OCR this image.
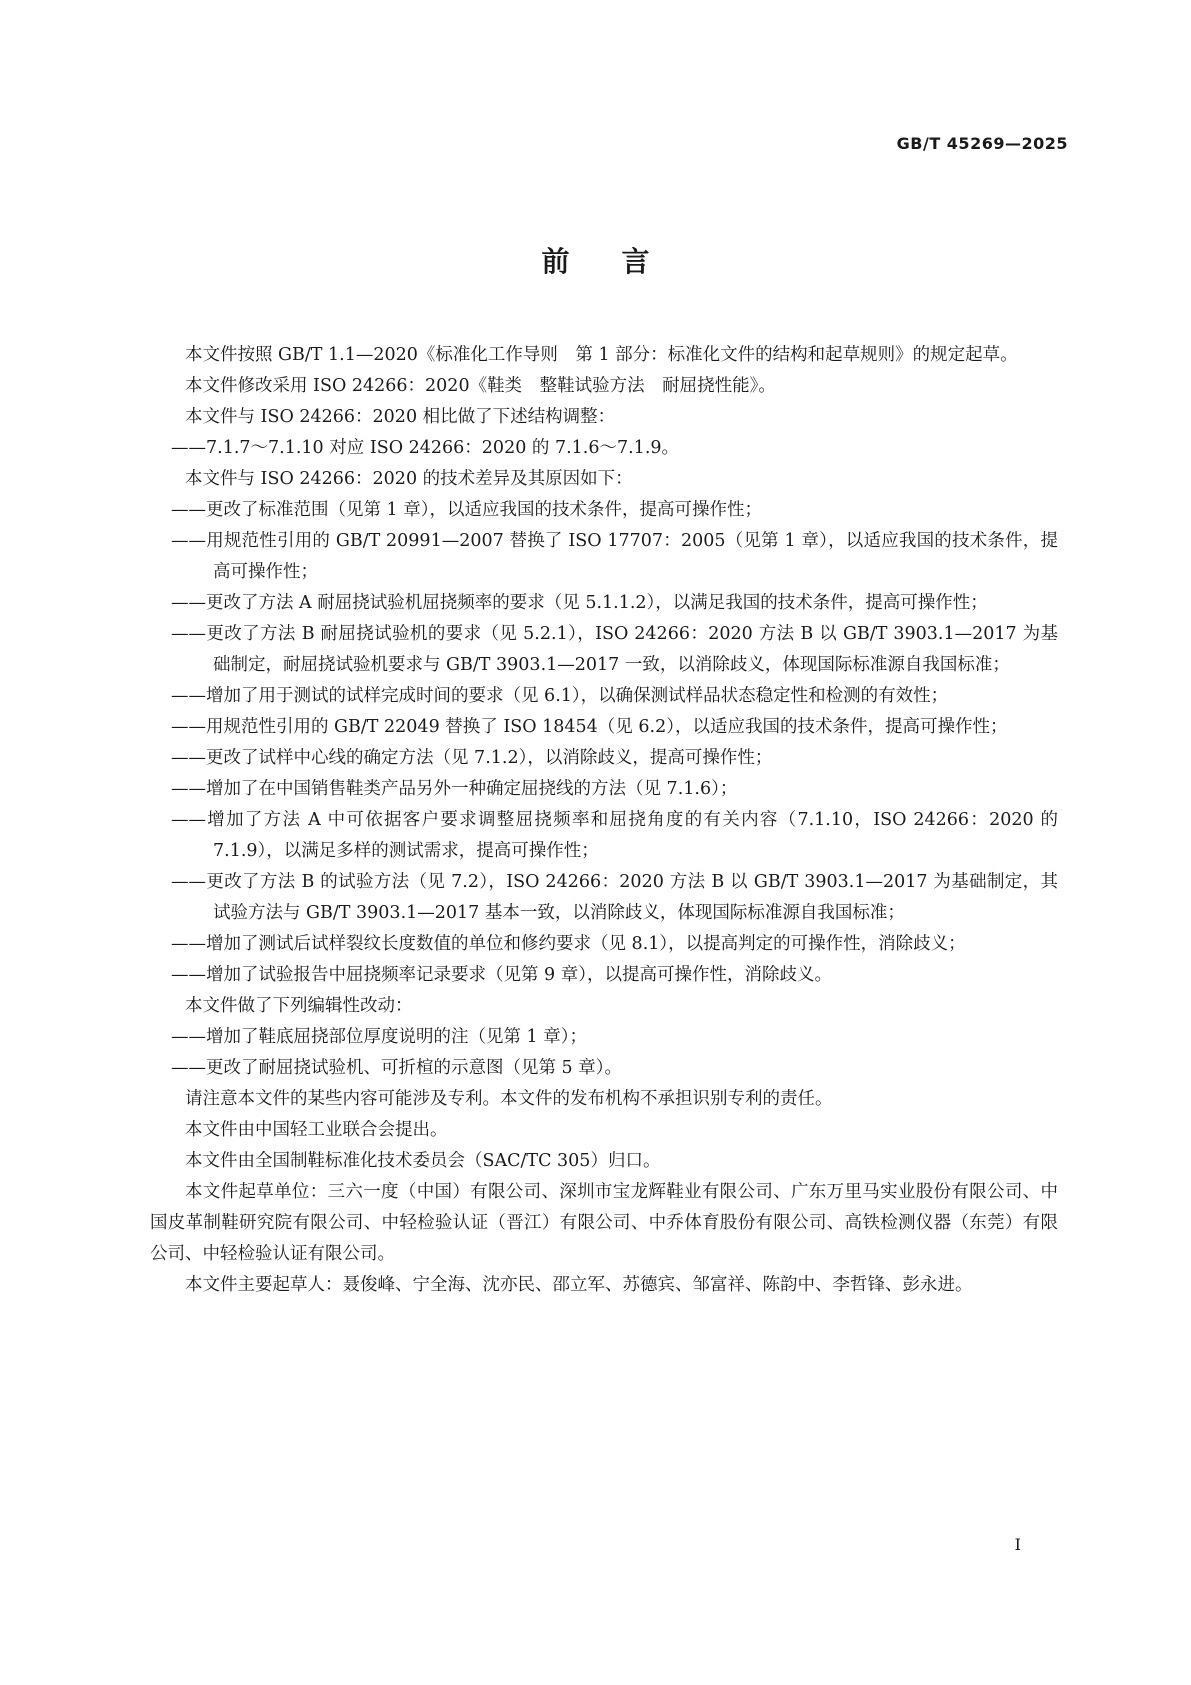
GB/T 45269—2025
前言

本文件按照 GB/T 1.1—2020《标准化工作导则　第 1 部分：标准化文件的结构和起草规则》的规定起草。

本文件修改采用 ISO 24266：2020《鞋类　整鞋试验方法　耐屈挠性能》。

本文件与 ISO 24266：2020 相比做了下述结构调整：

——7.1.7～7.1.10 对应 ISO 24266：2020 的 7.1.6～7.1.9。

本文件与 ISO 24266：2020 的技术差异及其原因如下：

——更改了标准范围（见第 1 章），以适应我国的技术条件，提高可操作性；

——用规范性引用的 GB/T 20991—2007 替换了 ISO 17707：2005（见第 1 章），以适应我国的技术条件，提高可操作性；

——更改了方法 A 耐屈挠试验机屈挠频率的要求（见 5.1.1.2），以满足我国的技术条件，提高可操作性；

——更改了方法 B 耐屈挠试验机的要求（见 5.2.1），ISO 24266：2020 方法 B 以 GB/T 3903.1—2017 为基础制定，耐屈挠试验机要求与 GB/T 3903.1—2017 一致，以消除歧义，体现国际标准源自我国标准；

——增加了用于测试的试样完成时间的要求（见 6.1），以确保测试样品状态稳定性和检测的有效性；

——用规范性引用的 GB/T 22049 替换了 ISO 18454（见 6.2），以适应我国的技术条件，提高可操作性；

——更改了试样中心线的确定方法（见 7.1.2），以消除歧义，提高可操作性；

——增加了在中国销售鞋类产品另外一种确定屈挠线的方法（见 7.1.6）；

——增加了方法 A 中可依据客户要求调整屈挠频率和屈挠角度的有关内容（7.1.10，ISO 24266：2020 的 7.1.9），以满足多样的测试需求，提高可操作性；

——更改了方法 B 的试验方法（见 7.2），ISO 24266：2020 方法 B 以 GB/T 3903.1—2017 为基础制定，其试验方法与 GB/T 3903.1—2017 基本一致，以消除歧义，体现国际标准源自我国标准；

——增加了测试后试样裂纹长度数值的单位和修约要求（见 8.1），以提高判定的可操作性，消除歧义；

——增加了试验报告中屈挠频率记录要求（见第 9 章），以提高可操作性，消除歧义。

本文件做了下列编辑性改动：

——增加了鞋底屈挠部位厚度说明的注（见第 1 章）；

——更改了耐屈挠试验机、可折楦的示意图（见第 5 章）。

请注意本文件的某些内容可能涉及专利。本文件的发布机构不承担识别专利的责任。

本文件由中国轻工业联合会提出。

本文件由全国制鞋标准化技术委员会（SAC/TC 305）归口。

本文件起草单位：三六一度（中国）有限公司、深圳市宝龙辉鞋业有限公司、广东万里马实业股份有限公司、中国皮革制鞋研究院有限公司、中轻检验认证（晋江）有限公司、中乔体育股份有限公司、高铁检测仪器（东莞）有限公司、中轻检验认证有限公司。

本文件主要起草人：聂俊峰、宁全海、沈亦民、邵立军、苏德宾、邹富祥、陈韵中、李哲锋、彭永进。

I
